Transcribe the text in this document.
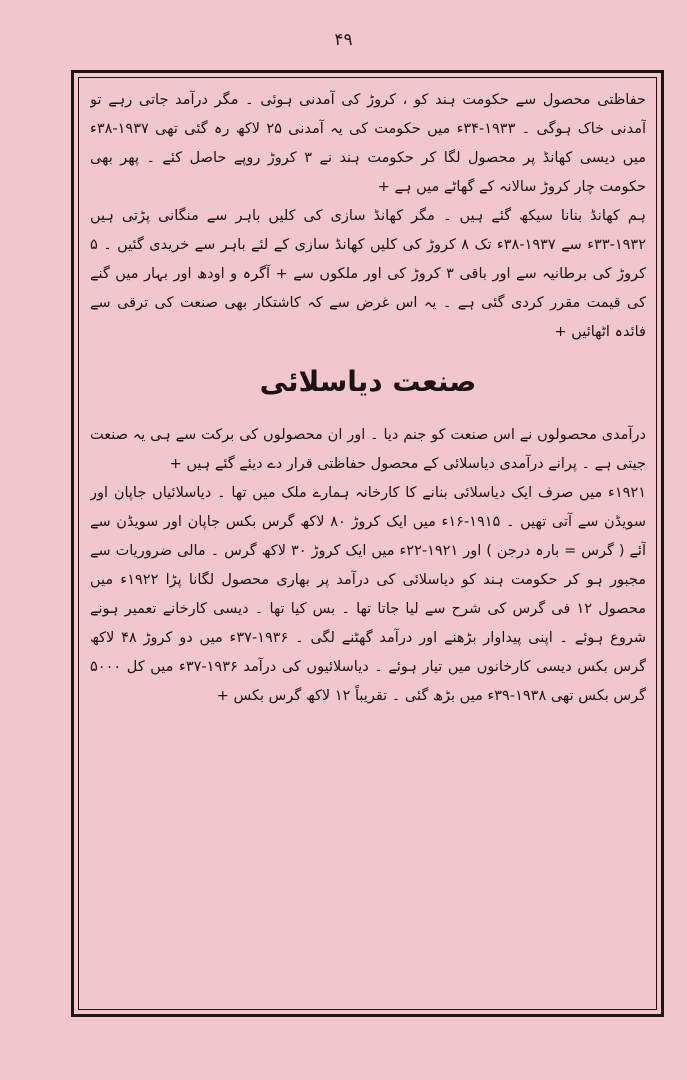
۴۹

حفاظتی محصول سے حکومت ہند کو ، کروڑ کی آمدنی ہوئی ۔ مگر درآمد جاتی رہے تو آمدنی خاک ہوگی ۔ ۱۹۳۳-۳۴ء میں حکومت کی یہ آمدنی ۲۵ لاکھ رہ گئی تھی ۱۹۳۷-۳۸ء میں دیسی کھانڈ پر محصول لگا کر حکومت ہند نے ۳ کروڑ روپے حاصل کئے ۔ پھر بھی حکومت چار کروڑ سالانہ کے گھاٹے میں ہے +

ہم کھانڈ بنانا سیکھ گئے ہیں ۔ مگر کھانڈ سازی کی کلیں باہر سے منگانی پڑتی ہیں ۱۹۳۲-۳۳ء سے ۱۹۳۷-۳۸ء تک ۸ کروڑ کی کلیں کھانڈ سازی کے لئے باہر سے خریدی گئیں ۔ ۵ کروڑ کی برطانیہ سے اور باقی ۳ کروڑ کی اور ملکوں سے + آگرہ و اودھ اور بہار میں گنے کی قیمت مقرر کردی گئی ہے ۔ یہ اس غرض سے کہ کاشتکار بھی صنعت کی ترقی سے فائدہ اٹھائیں +

صنعت دیاسلائی

درآمدی محصولوں نے اس صنعت کو جنم دیا ۔ اور ان محصولوں کی برکت سے ہی یہ صنعت جیتی ہے ۔ پرانے درآمدی دیاسلائی کے محصول حفاظتی قرار دے دیئے گئے ہیں +

۱۹۲۱ء میں صرف ایک دیاسلائی بنانے کا کارخانہ ہمارے ملک میں تھا ۔ دیاسلائیاں جاپان اور سویڈن سے آتی تھیں ۔ ۱۹۱۵-۱۶ء میں ایک کروڑ ۸۰ لاکھ گرس بکس جاپان اور سویڈن سے آئے ( گرس = بارہ درجن ) اور ۱۹۲۱-۲۲ء میں ایک کروڑ ۳۰ لاکھ گرس ۔ مالی ضروریات سے مجبور ہو کر حکومت ہند کو دیاسلائی کی درآمد پر بھاری محصول لگانا پڑا ۱۹۲۲ء میں محصول ۱۲ فی گرس کی شرح سے لیا جاتا تھا ۔ بس کیا تھا ۔ دیسی کارخانے تعمیر ہونے شروع ہوئے ۔ اپنی پیداوار بڑھنے اور درآمد گھٹنے لگی ۔ ۱۹۳۶-۳۷ء میں دو کروڑ ۴۸ لاکھ گرس بکس دیسی کارخانوں میں تیار ہوئے ۔ دیاسلائیوں کی درآمد ۱۹۳۶-۳۷ء میں کل ۵۰۰۰ گرس بکس تھی ۱۹۳۸-۳۹ء میں بڑھ گئی ۔ تقریباً ۱۲ لاکھ گرس بکس +
